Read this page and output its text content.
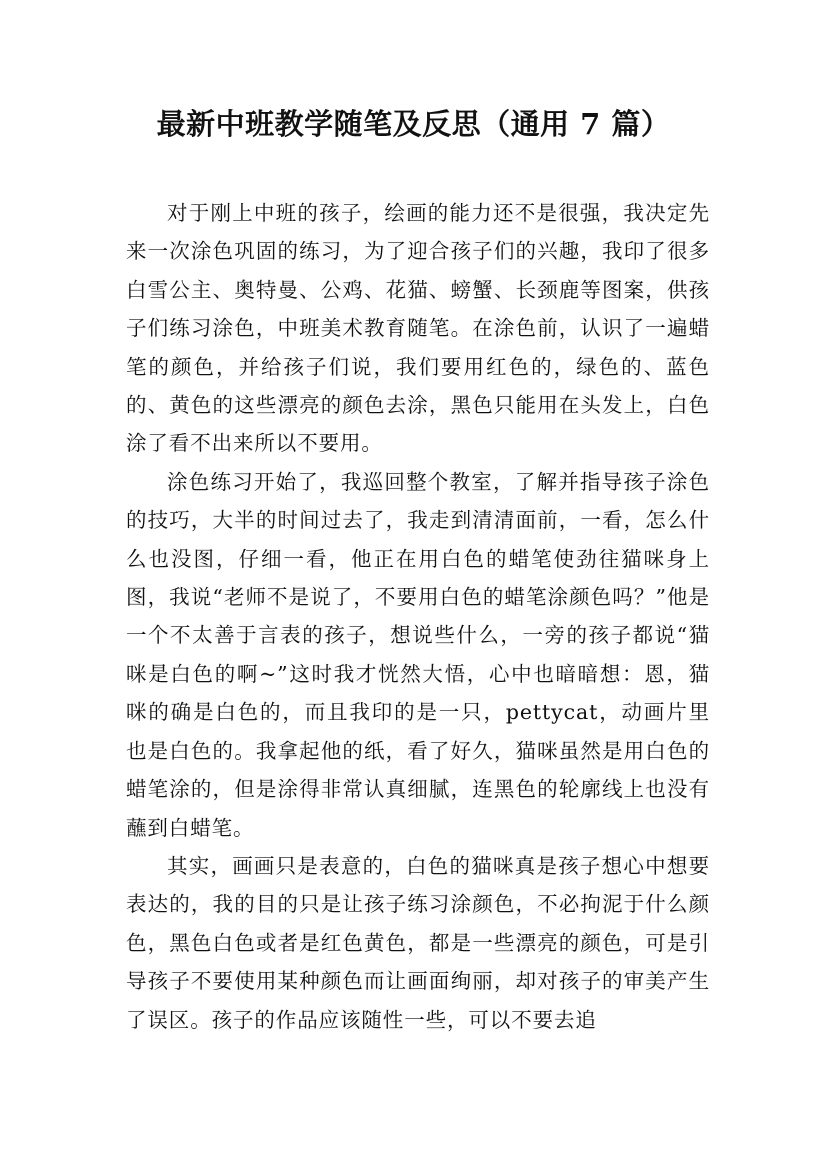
最新中班教学随笔及反思（通用 7 篇）

对于刚上中班的孩子，绘画的能力还不是很强，我决定先来一次涂色巩固的练习，为了迎合孩子们的兴趣，我印了很多白雪公主、奥特曼、公鸡、花猫、螃蟹、长颈鹿等图案，供孩子们练习涂色，中班美术教育随笔。在涂色前，认识了一遍蜡笔的颜色，并给孩子们说，我们要用红色的，绿色的、蓝色的、黄色的这些漂亮的颜色去涂，黑色只能用在头发上，白色涂了看不出来所以不要用。

涂色练习开始了，我巡回整个教室，了解并指导孩子涂色的技巧，大半的时间过去了，我走到清清面前，一看，怎么什么也没图，仔细一看，他正在用白色的蜡笔使劲往猫咪身上图，我说“老师不是说了，不要用白色的蜡笔涂颜色吗？”他是一个不太善于言表的孩子，想说些什么，一旁的孩子都说“猫咪是白色的啊~”这时我才恍然大悟，心中也暗暗想：恩，猫咪的确是白色的，而且我印的是一只，pettycat，动画片里也是白色的。我拿起他的纸，看了好久，猫咪虽然是用白色的蜡笔涂的，但是涂得非常认真细腻，连黑色的轮廓线上也没有蘸到白蜡笔。

其实，画画只是表意的，白色的猫咪真是孩子想心中想要表达的，我的目的只是让孩子练习涂颜色，不必拘泥于什么颜色，黑色白色或者是红色黄色，都是一些漂亮的颜色，可是引导孩子不要使用某种颜色而让画面绚丽，却对孩子的审美产生了误区。孩子的作品应该随性一些，可以不要去追
